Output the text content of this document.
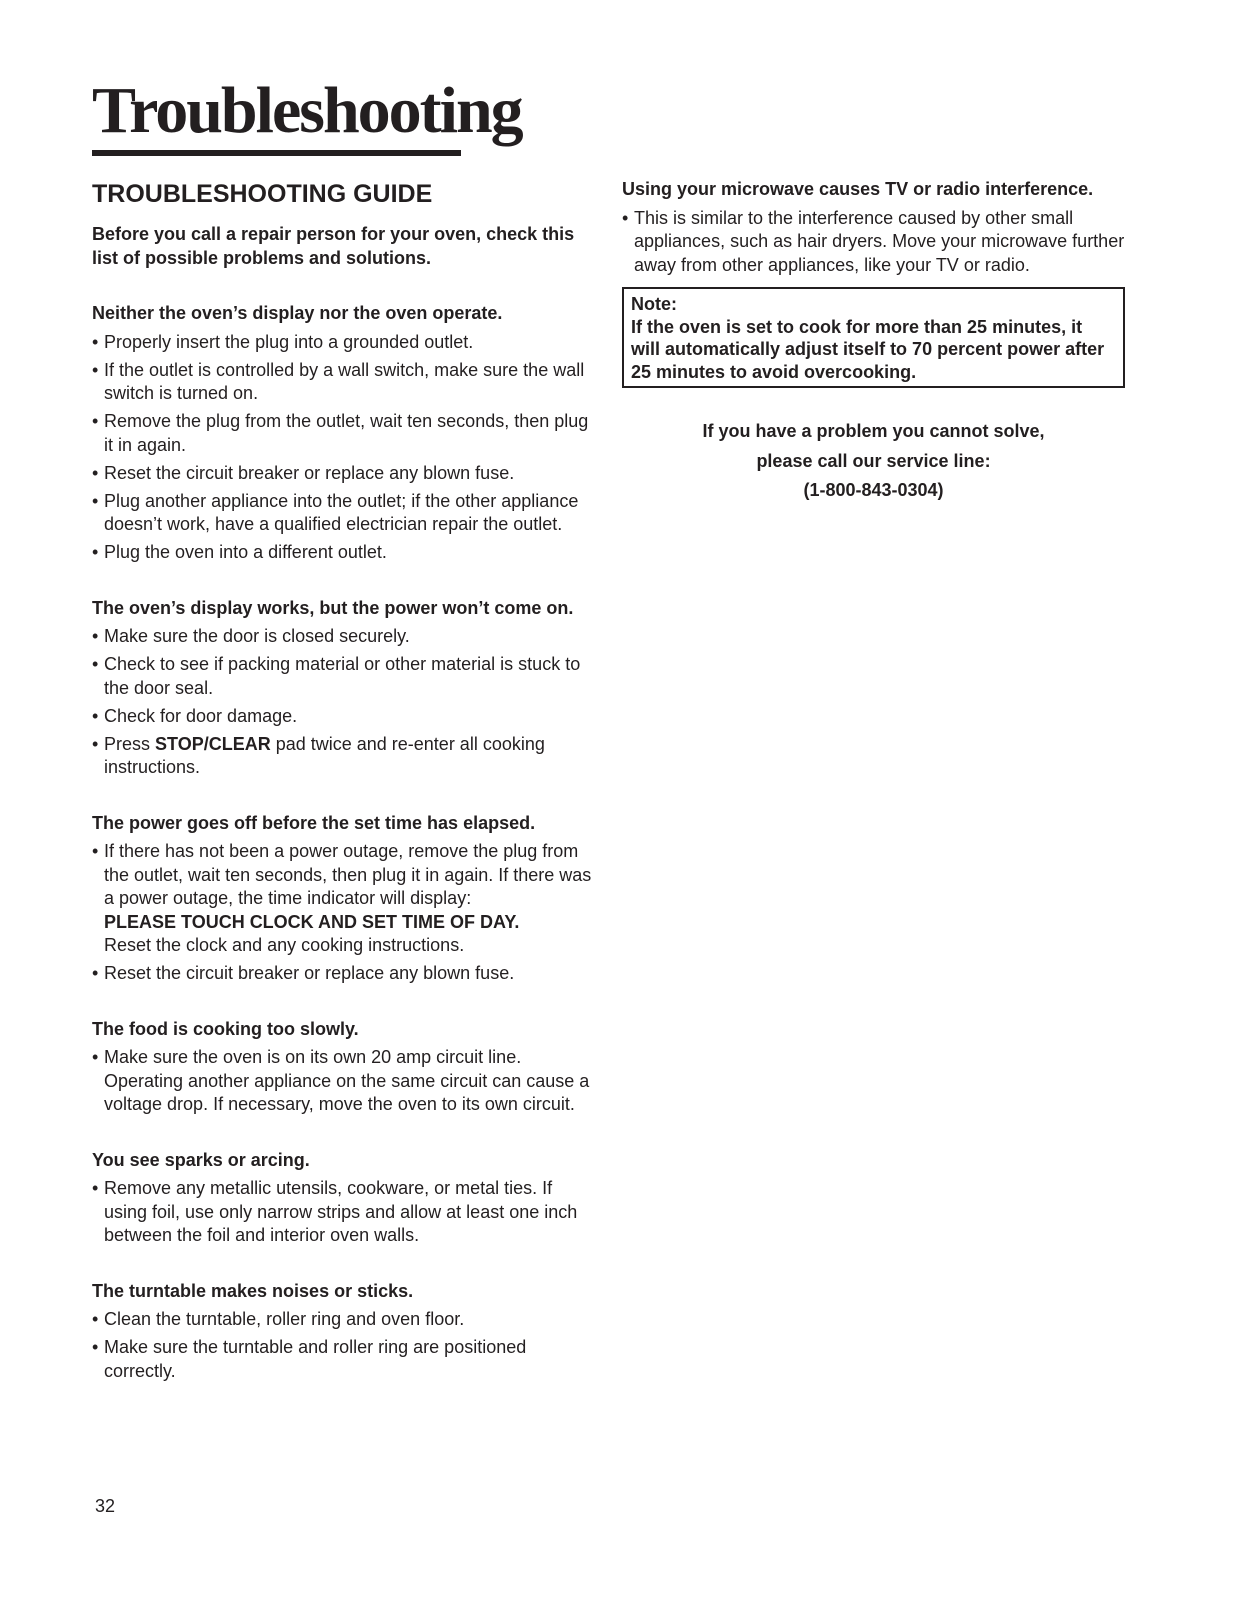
Troubleshooting
TROUBLESHOOTING GUIDE

Before you call a repair person for your oven, check this list of possible problems and solutions.

Neither the oven’s display nor the oven operate.

• Properly insert the plug into a grounded outlet.
• If the outlet is controlled by a wall switch, make sure the wall switch is turned on.
• Remove the plug from the outlet, wait ten seconds, then plug it in again.
• Reset the circuit breaker or replace any blown fuse.
• Plug another appliance into the outlet; if the other appliance doesn’t work, have a qualified electrician repair the outlet.
• Plug the oven into a different outlet.

The oven’s display works, but the power won’t come on.

• Make sure the door is closed securely.
• Check to see if packing material or other material is stuck to the door seal.
• Check for door damage.
• Press STOP/CLEAR pad twice and re-enter all cooking instructions.

The power goes off before the set time has elapsed.

• If there has not been a power outage, remove the plug from the outlet, wait ten seconds, then plug it in again. If there was a power outage, the time indicator will display:
PLEASE TOUCH CLOCK AND SET TIME OF DAY.
Reset the clock and any cooking instructions.
• Reset the circuit breaker or replace any blown fuse.

The food is cooking too slowly.

• Make sure the oven is on its own 20 amp circuit line. Operating another appliance on the same circuit can cause a voltage drop. If necessary, move the oven to its own circuit.

You see sparks or arcing.

• Remove any metallic utensils, cookware, or metal ties. If using foil, use only narrow strips and allow at least one inch between the foil and interior oven walls.

The turntable makes noises or sticks.

• Clean the turntable, roller ring and oven floor.
• Make sure the turntable and roller ring are positioned correctly.

Using your microwave causes TV or radio interference.

• This is similar to the interference caused by other small appliances, such as hair dryers. Move your microwave further away from other appliances, like your TV or radio.

Note:

If the oven is set to cook for more than 25 minutes, it will automatically adjust itself to 70 percent power after 25 minutes to avoid overcooking.

If you have a problem you cannot solve,

please call our service line:

(1-800-843-0304)

32
